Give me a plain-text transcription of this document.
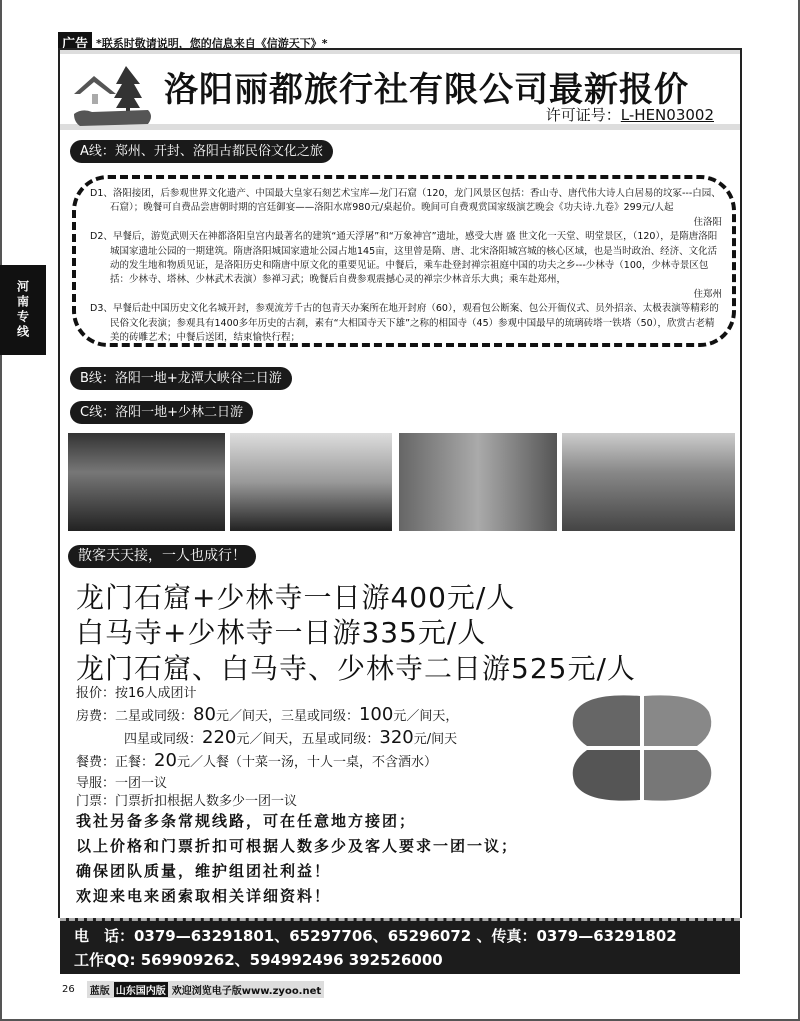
广告 *联系时敬请说明，您的信息来自《信游天下》*
河南专线
洛阳丽都旅行社有限公司最新报价
许可证号：L-HEN03002
A线：郑州、开封、洛阳古都民俗文化之旅

D1、洛阳接团，后参观世界文化遗产、中国最大皇家石刻艺术宝库—龙门石窟（120，龙门风景区包括：香山寺、唐代伟大诗人白居易的坟冢---白园、石窟）；晚餐可自费品尝唐朝时期的宫廷御宴——洛阳水席980元/桌起价。晚间可自费观赏国家级演艺晚会《功夫诗.九卷》299元/人起

住洛阳

D2、早餐后，游览武则天在神都洛阳皇宫内最著名的建筑“通天浮屠”和“万象神宫”遗址，感受大唐 盛 世文化一天堂、明堂景区，（120），是隋唐洛阳城国家遗址公园的一期建筑。隋唐洛阳城国家遗址公园占地145亩，这里曾是隋、唐、北宋洛阳城宫城的核心区域，也是当时政治、经济、文化活动的发生地和物质见证，是洛阳历史和隋唐中原文化的重要见证。中餐后，乘车赴登封禅宗祖庭中国的功夫之乡---少林寺（100，少林寺景区包括：少林寺、塔林、少林武术表演）参禅习武；晚餐后自费参观震撼心灵的禅宗少林音乐大典；乘车赴郑州，

住郑州

D3、早餐后赴中国历史文化名城开封，参观流芳千古的包青天办案所在地开封府（60），观看包公断案、包公开衙仪式、员外招亲、太极表演等精彩的民俗文化表演；参观具有1400多年历史的古刹，素有“大相国寺天下雄”之称的相国寺（45）参观中国最早的琉璃砖塔一铁塔（50），欣赏古老精美的砖雕艺术；中餐后送团，结束愉快行程；

B线：洛阳一地+龙潭大峡谷二日游
C线：洛阳一地+少林二日游
散客天天接，一人也成行！
龙门石窟+少林寺一日游400元/人
白马寺+少林寺一日游335元/人
龙门石窟、白马寺、少林寺二日游525元/人
报价：按16人成团计
房费：二星或同级：80元／间天，三星或同级：100元／间天，
四星或同级：220元／间天，五星或同级：320元/间天
餐费：正餐：20元／人餐（十菜一汤，十人一桌，不含酒水）
导服：一团一议
门票：门票折扣根据人数多少一团一议
我社另备多条常规线路，可在任意地方接团；
以上价格和门票折扣可根据人数多少及客人要求一团一议；
确保团队质量，维护组团社利益！
欢迎来电来函索取相关详细资料！
电　话：0379—63291801、65297706、65296072 、传真：0379—63291802
工作QQ: 569909262、594992496 392526000
26 蓝版 山东国内版 欢迎浏览电子版www.zyoo.net
